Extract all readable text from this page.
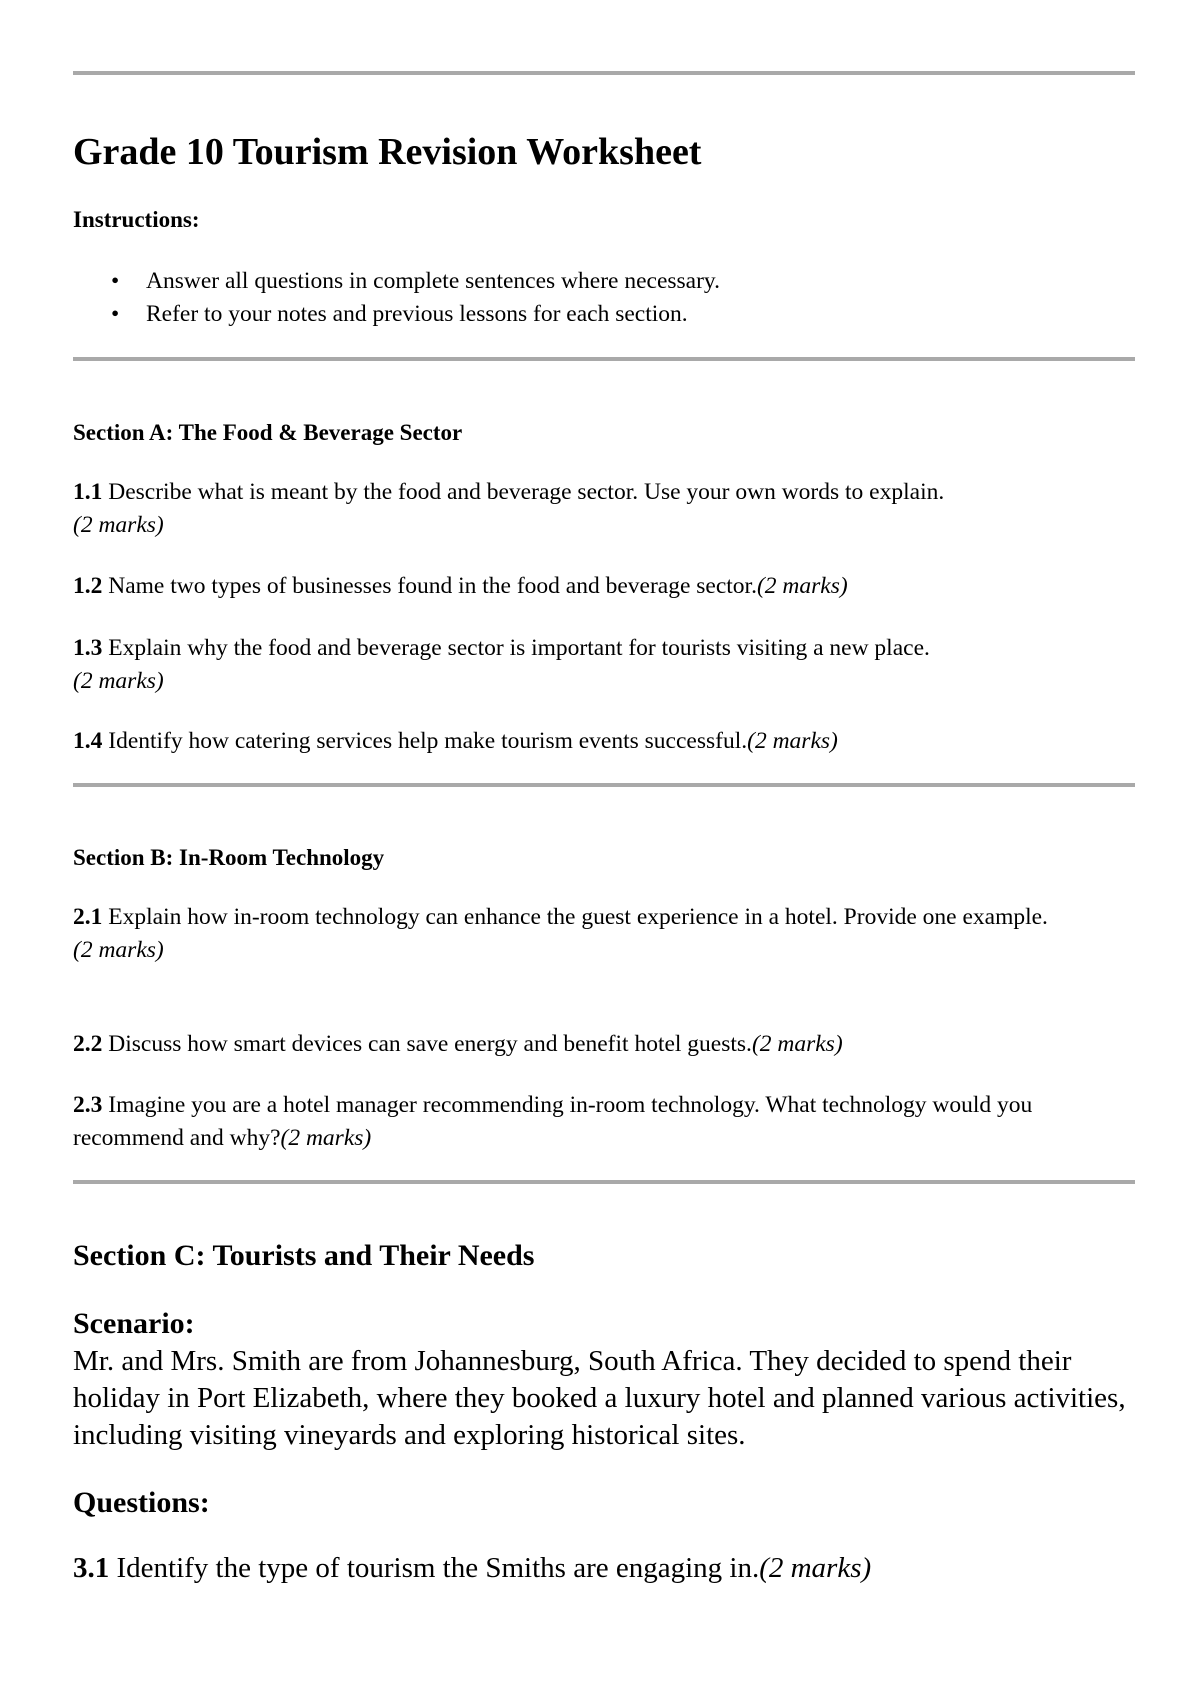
Grade 10 Tourism Revision Worksheet
Instructions:
• Answer all questions in complete sentences where necessary.
• Refer to your notes and previous lessons for each section.
Section A: The Food & Beverage Sector
1.1 Describe what is meant by the food and beverage sector. Use your own words to explain.
(2 marks)
1.2 Name two types of businesses found in the food and beverage sector.(2 marks)
1.3 Explain why the food and beverage sector is important for tourists visiting a new place.
(2 marks)
1.4 Identify how catering services help make tourism events successful.(2 marks)
Section B: In-Room Technology
2.1 Explain how in-room technology can enhance the guest experience in a hotel. Provide one example.
(2 marks)
2.2 Discuss how smart devices can save energy and benefit hotel guests.(2 marks)
2.3 Imagine you are a hotel manager recommending in-room technology. What technology would you recommend and why?(2 marks)
Section C: Tourists and Their Needs
Scenario:
Mr. and Mrs. Smith are from Johannesburg, South Africa. They decided to spend their holiday in Port Elizabeth, where they booked a luxury hotel and planned various activities, including visiting vineyards and exploring historical sites.
Questions:
3.1 Identify the type of tourism the Smiths are engaging in.(2 marks)
